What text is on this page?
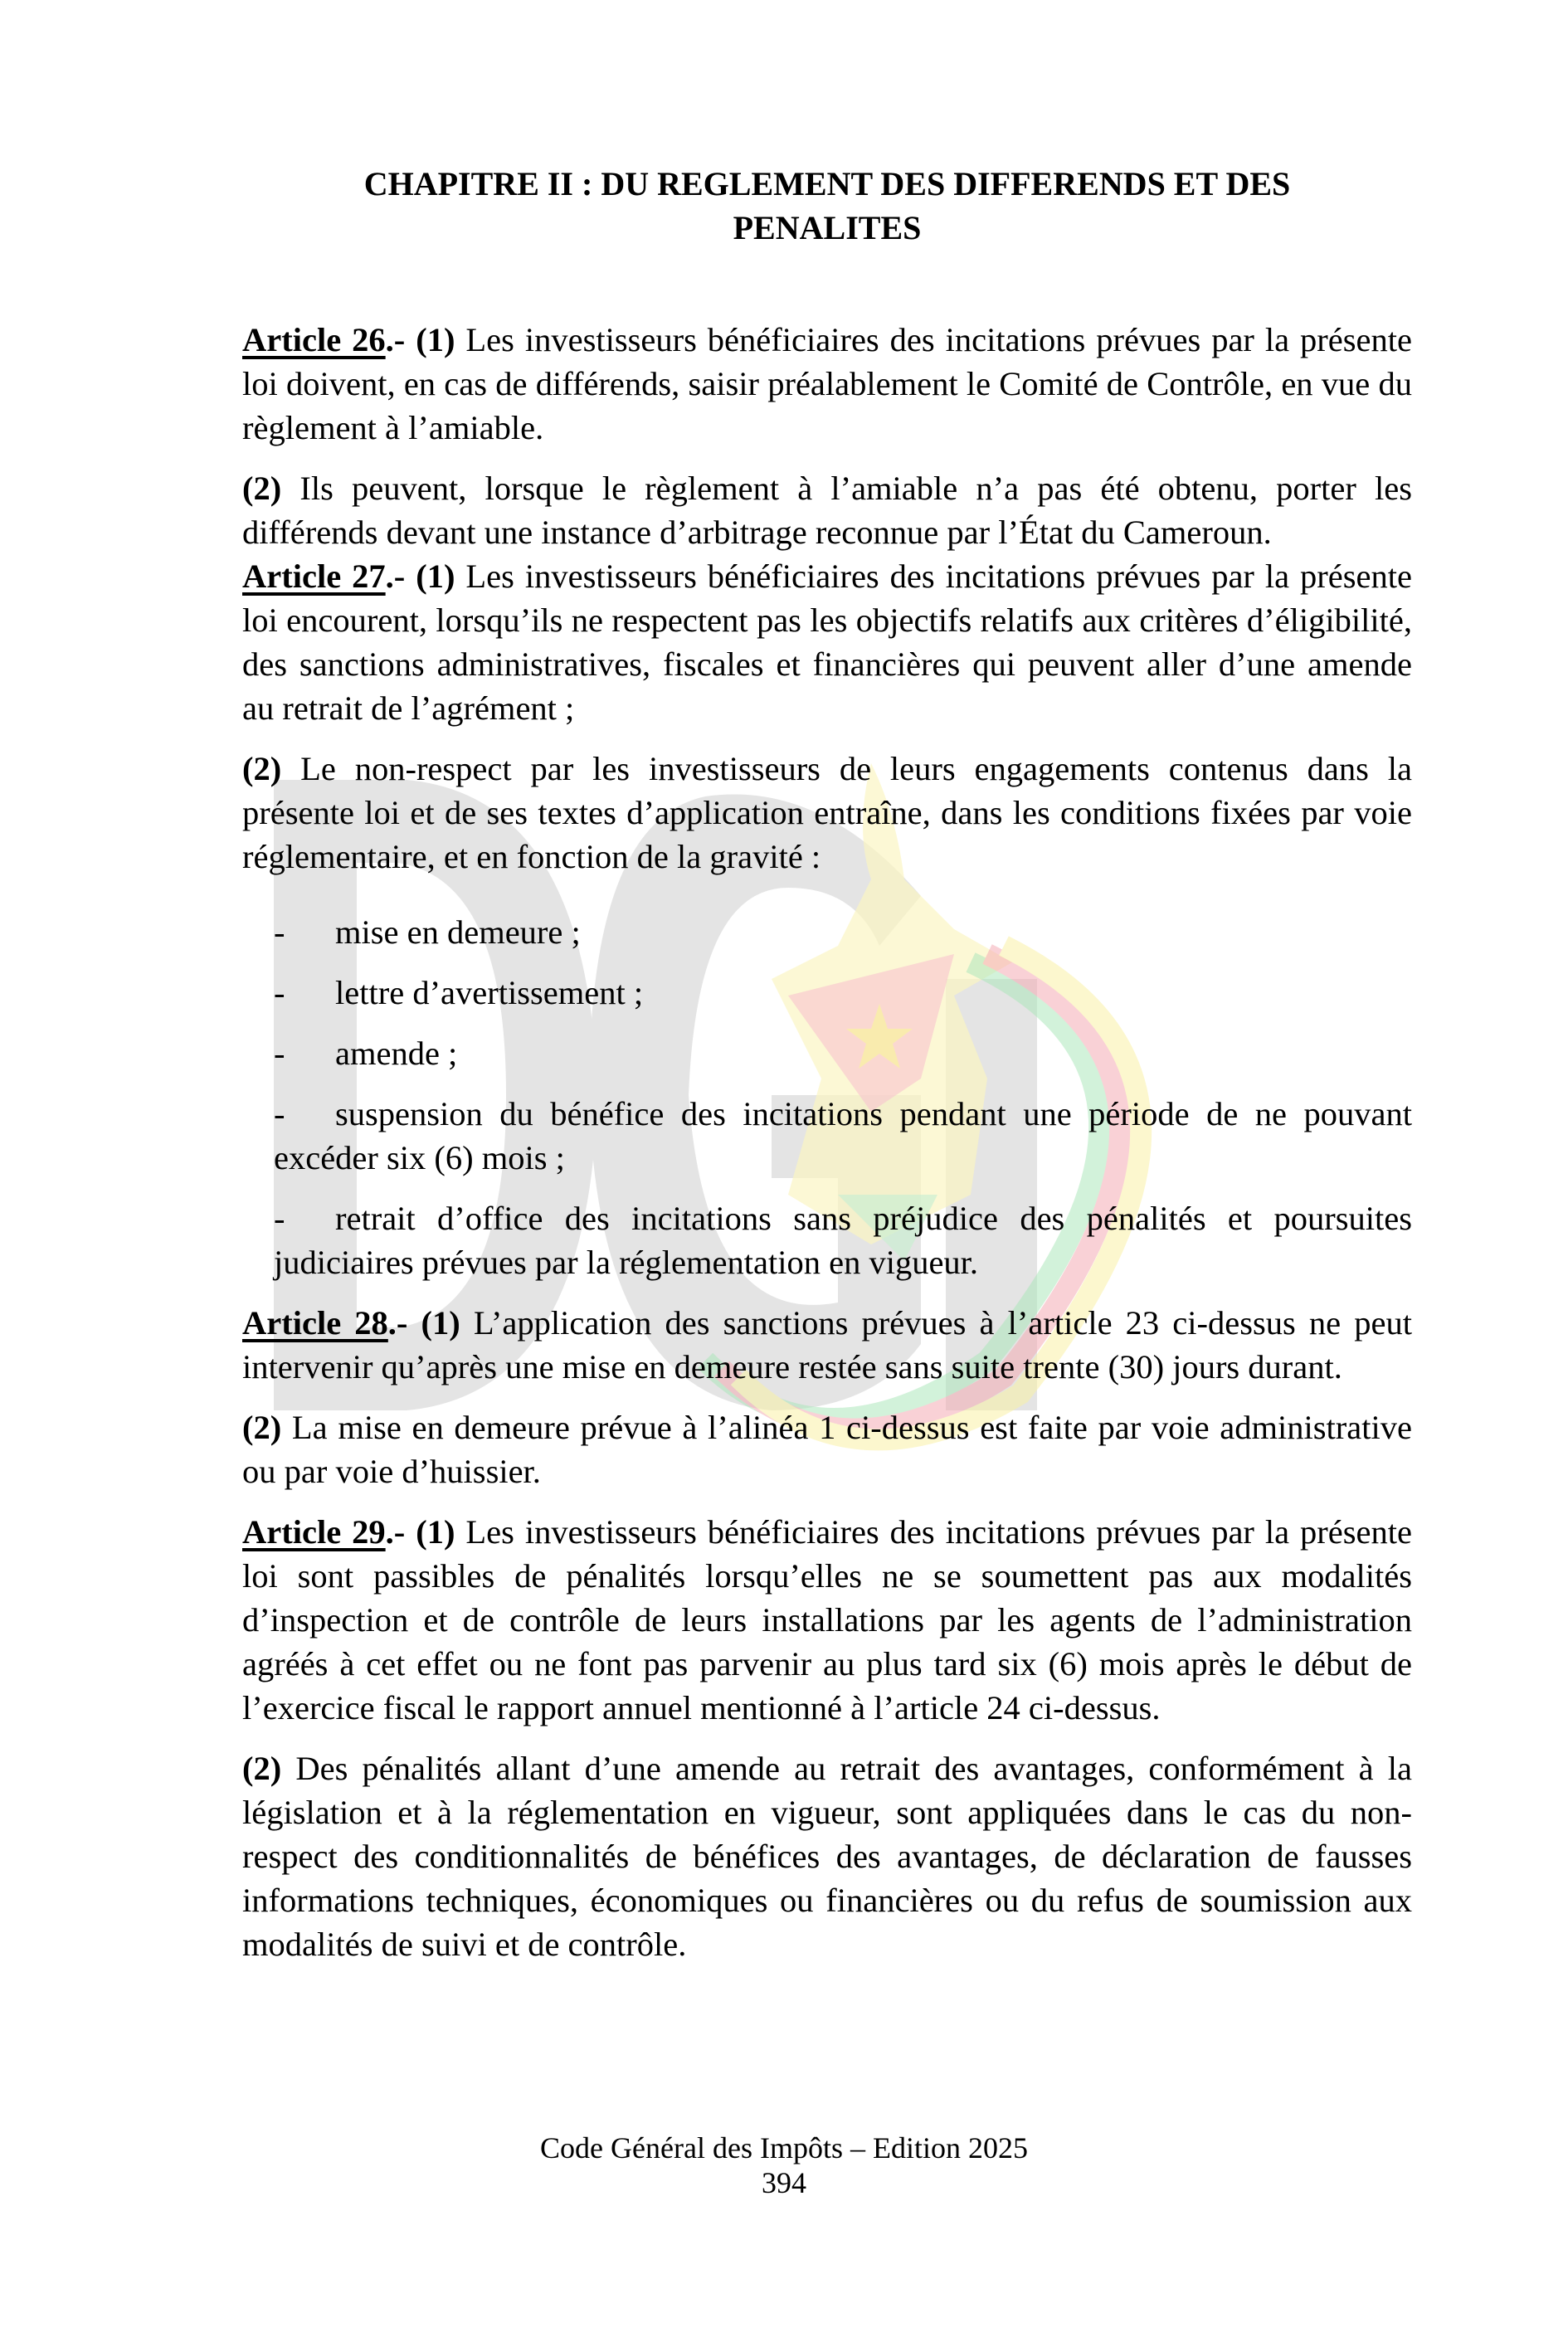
CHAPITRE II : DU REGLEMENT DES DIFFERENDS ET DES
PENALITES

Article 26.- (1) Les investisseurs bénéficiaires des incitations prévues par la présente loi doivent, en cas de différends, saisir préalablement le Comité de Contrôle, en vue du règlement à l’amiable.

(2) Ils peuvent, lorsque le règlement à l’amiable n’a pas été obtenu, porter les différends devant une instance d’arbitrage reconnue par l’État du Cameroun.

Article 27.- (1) Les investisseurs bénéficiaires des incitations prévues par la présente loi encourent, lorsqu’ils ne respectent pas les objectifs relatifs aux critères d’éligibilité, des sanctions administratives, fiscales et financières qui peuvent aller d’une amende au retrait de l’agrément ;

(2) Le non-respect par les investisseurs de leurs engagements contenus dans la présente loi et de ses textes d’application entraîne, dans les conditions fixées par voie réglementaire, et en fonction de la gravité :

- mise en demeure ;
- lettre d’avertissement ;
- amende ;
- suspension du bénéfice des incitations pendant une période de ne pouvant excéder six (6) mois ;
- retrait d’office des incitations sans préjudice des pénalités et poursuites judiciaires prévues par la réglementation en vigueur.

Article 28.- (1) L’application des sanctions prévues à l’article 23 ci-dessus ne peut intervenir qu’après une mise en demeure restée sans suite trente (30) jours durant.

(2) La mise en demeure prévue à l’alinéa 1 ci-dessus est faite par voie administrative ou par voie d’huissier.

Article 29.- (1) Les investisseurs bénéficiaires des incitations prévues par la présente loi sont passibles de pénalités lorsqu’elles ne se soumettent pas aux modalités d’inspection et de contrôle de leurs installations par les agents de l’administration agréés à cet effet ou ne font pas parvenir au plus tard six (6) mois après le début de l’exercice fiscal le rapport annuel mentionné à l’article 24 ci-dessus.

(2) Des pénalités allant d’une amende au retrait des avantages, conformément à la législation et à la réglementation en vigueur, sont appliquées dans le cas du non-respect des conditionnalités de bénéfices des avantages, de déclaration de fausses informations techniques, économiques ou financières ou du refus de soumission aux modalités de suivi et de contrôle.

Code Général des Impôts – Edition 2025
394
